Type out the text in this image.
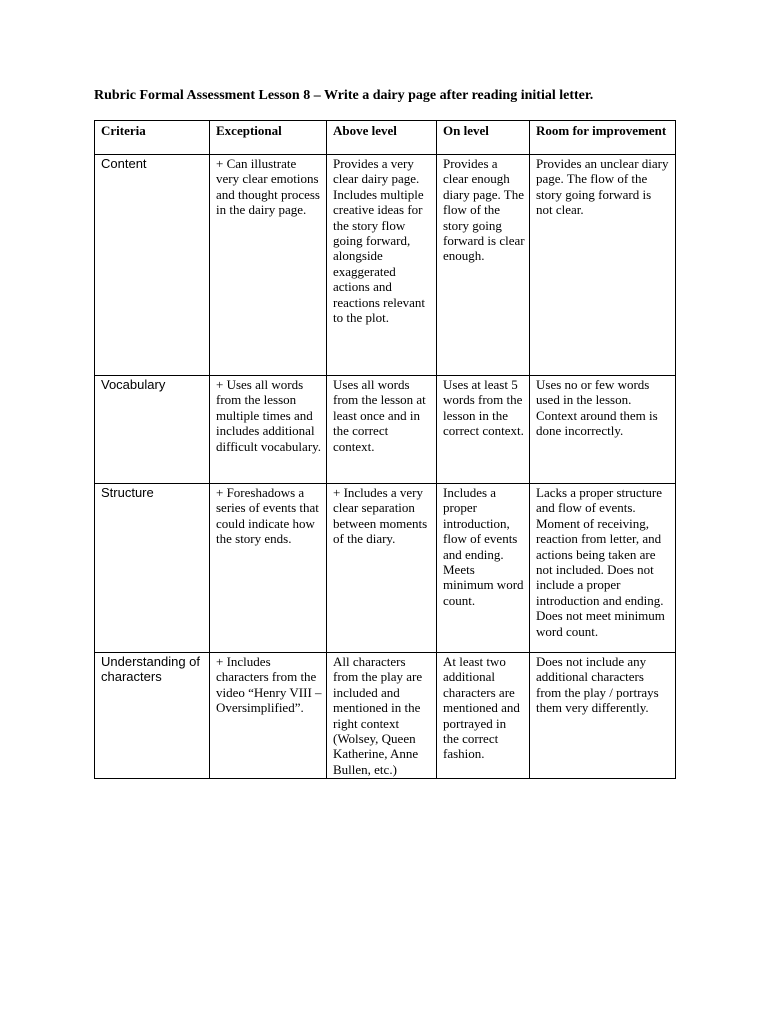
Rubric Formal Assessment Lesson 8 – Write a dairy page after reading initial letter.

Criteria	Exceptional	Above level	On level	Room for improvement
Content	+ Can illustrate very clear emotions and thought process in the dairy page.	Provides a very clear dairy page. Includes multiple creative ideas for the story flow going forward, alongside exaggerated actions and reactions relevant to the plot.	Provides a clear enough diary page. The flow of the story going forward is clear enough.	Provides an unclear diary page. The flow of the story going forward is not clear.
Vocabulary	+ Uses all words from the lesson multiple times and includes additional difficult vocabulary.	Uses all words from the lesson at least once and in the correct context.	Uses at least 5 words from the lesson in the correct context.	Uses no or few words used in the lesson. Context around them is done incorrectly.
Structure	+ Foreshadows a series of events that could indicate how the story ends.	+ Includes a very clear separation between moments of the diary.	Includes a proper introduction, flow of events and ending. Meets minimum word count.	Lacks a proper structure and flow of events. Moment of receiving, reaction from letter, and actions being taken are not included. Does not include a proper introduction and ending. Does not meet minimum word count.
Understanding of characters	+ Includes characters from the video “Henry VIII – Oversimplified”.	All characters from the play are included and mentioned in the right context (Wolsey, Queen Katherine, Anne Bullen, etc.)	At least two additional characters are mentioned and portrayed in the correct fashion.	Does not include any additional characters from the play / portrays them very differently.
